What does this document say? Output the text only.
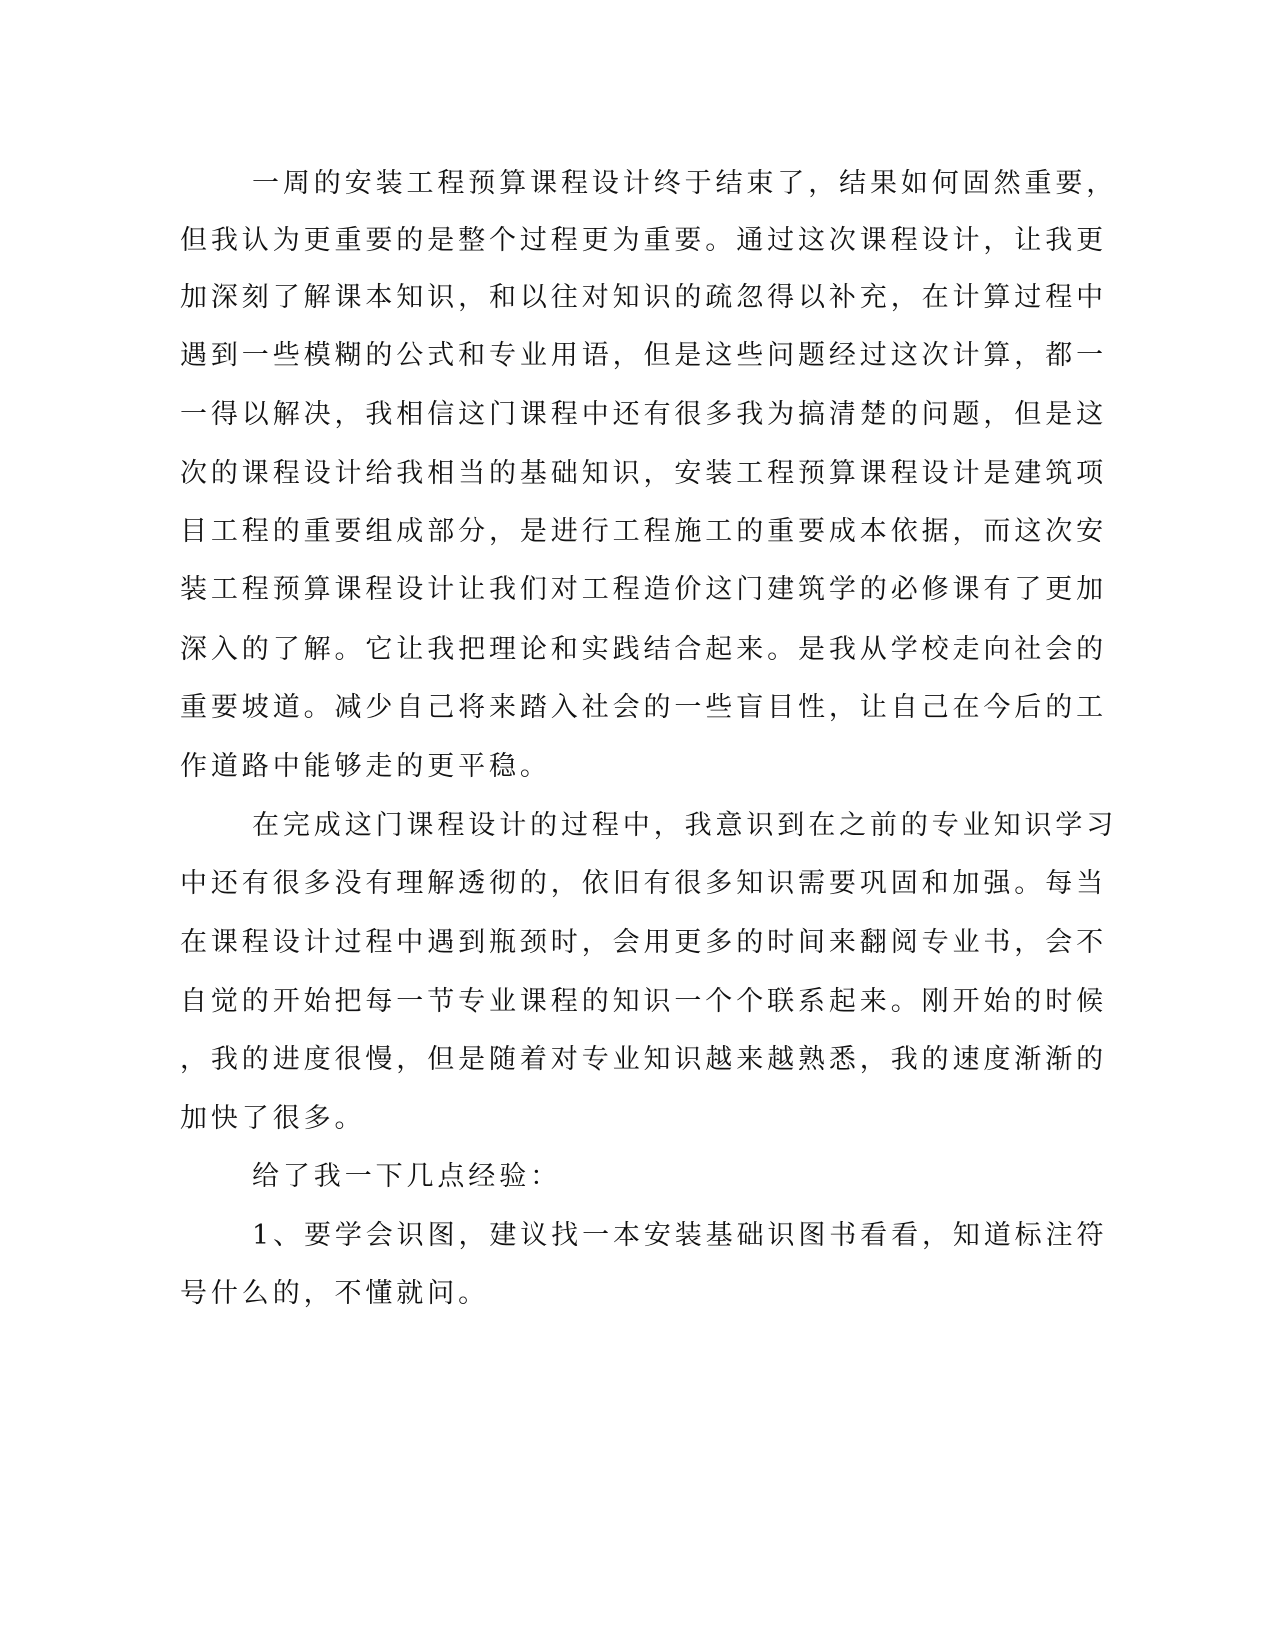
一周的安装工程预算课程设计终于结束了，结果如何固然重要，

但我认为更重要的是整个过程更为重要。通过这次课程设计，让我更

加深刻了解课本知识，和以往对知识的疏忽得以补充，在计算过程中

遇到一些模糊的公式和专业用语，但是这些问题经过这次计算，都一

一得以解决，我相信这门课程中还有很多我为搞清楚的问题，但是这

次的课程设计给我相当的基础知识，安装工程预算课程设计是建筑项

目工程的重要组成部分，是进行工程施工的重要成本依据，而这次安

装工程预算课程设计让我们对工程造价这门建筑学的必修课有了更加

深入的了解。它让我把理论和实践结合起来。是我从学校走向社会的

重要坡道。减少自己将来踏入社会的一些盲目性，让自己在今后的工

作道路中能够走的更平稳。

在完成这门课程设计的过程中，我意识到在之前的专业知识学习

中还有很多没有理解透彻的，依旧有很多知识需要巩固和加强。每当

在课程设计过程中遇到瓶颈时，会用更多的时间来翻阅专业书，会不

自觉的开始把每一节专业课程的知识一个个联系起来。刚开始的时候

，我的进度很慢，但是随着对专业知识越来越熟悉，我的速度渐渐的

加快了很多。

给了我一下几点经验：

1、要学会识图，建议找一本安装基础识图书看看，知道标注符

号什么的，不懂就问。
